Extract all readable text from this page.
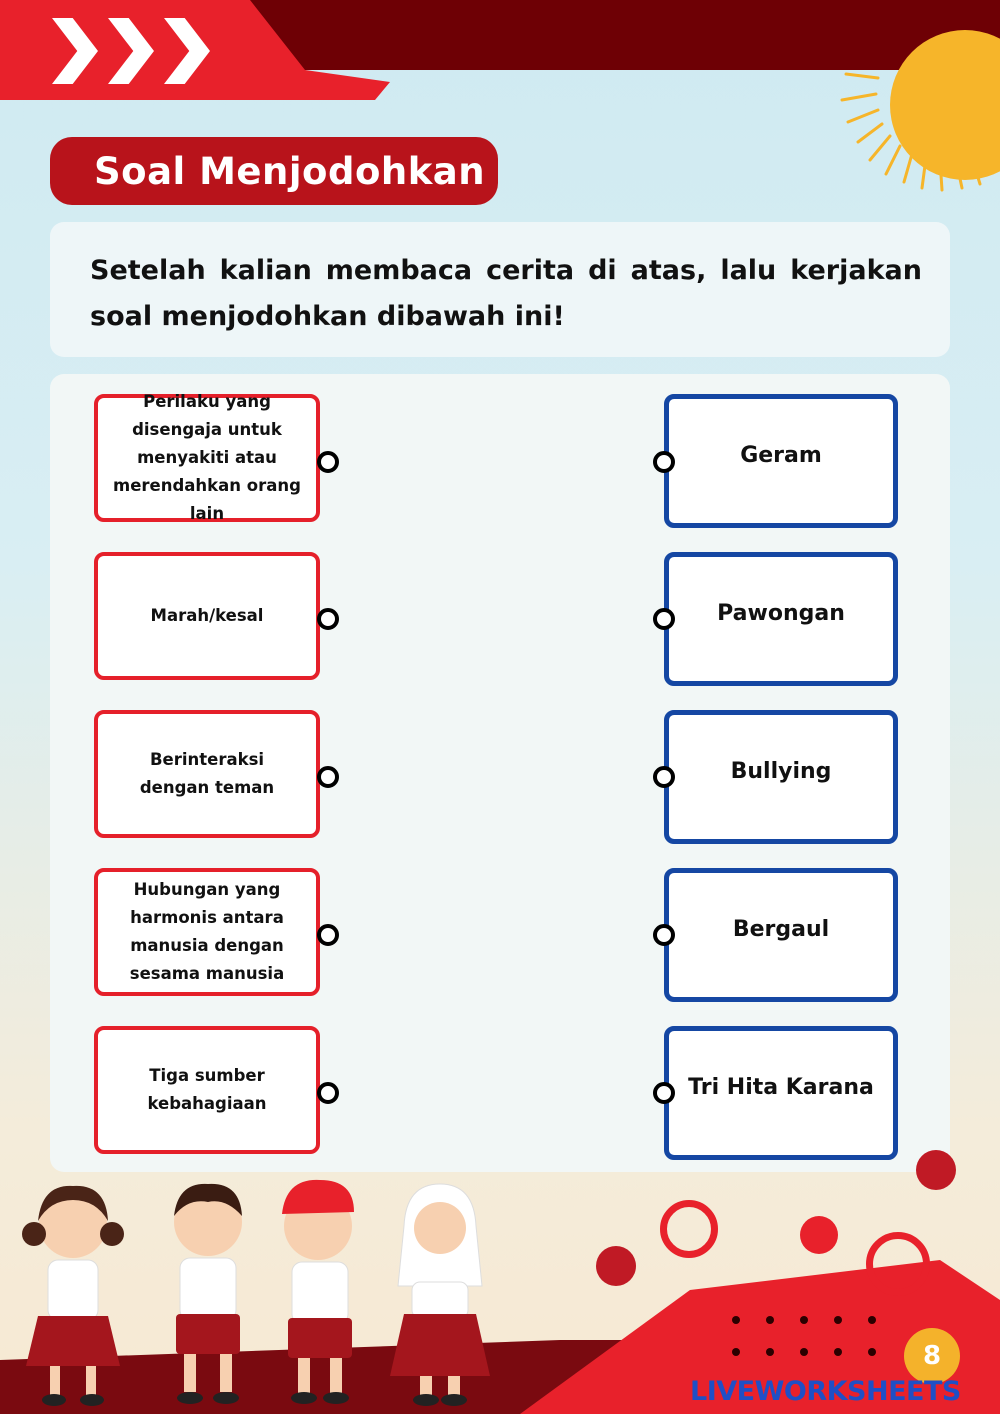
Soal Menjodohkan

Setelah kalian membaca cerita di atas, lalu kerjakan soal menjodohkan dibawah ini!

Perilaku yang disengaja untuk menyakiti atau merendahkan orang lain
Marah/kesal
Berinteraksi dengan teman
Hubungan yang harmonis antara manusia dengan sesama manusia
Tiga sumber kebahagiaan
Geram
Pawongan
Bullying
Bergaul
Tri Hita Karana
8
LIVEWORKSHEETS
